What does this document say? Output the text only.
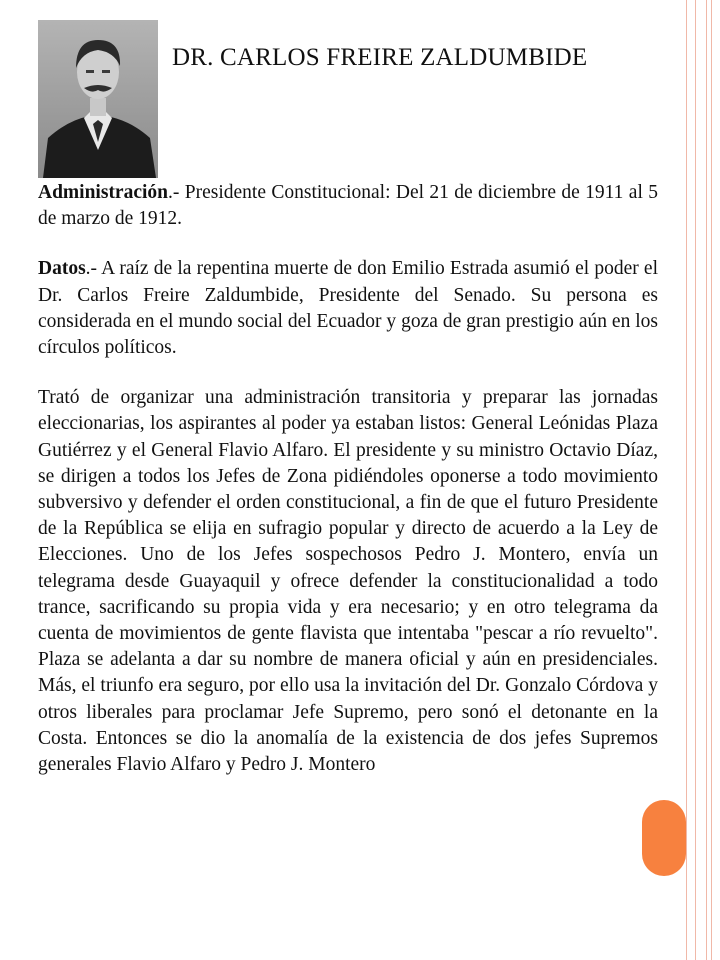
DR. CARLOS FREIRE ZALDUMBIDE

Administración.- Presidente Constitucional: Del 21 de diciembre de 1911 al 5 de marzo de 1912.

Datos.- A raíz de la repentina muerte de don Emilio Estrada asumió el poder el Dr. Carlos Freire Zaldumbide, Presidente del Senado. Su persona es considerada en el mundo social del Ecuador y goza de gran prestigio aún en los círculos políticos.

Trató de organizar una administración transitoria y preparar las jornadas eleccionarias, los aspirantes al poder ya estaban listos: General Leónidas Plaza Gutiérrez y el General Flavio Alfaro. El presidente y su ministro Octavio Díaz, se dirigen a todos los Jefes de Zona pidiéndoles oponerse a todo movimiento subversivo y defender el orden constitucional, a fin de que el futuro Presidente de la República se elija en sufragio popular y directo de acuerdo a la Ley de Elecciones. Uno de los Jefes sospechosos Pedro J. Montero, envía un telegrama desde Guayaquil y ofrece defender la constitucionalidad a todo trance, sacrificando su propia vida y era necesario; y en otro telegrama da cuenta de movimientos de gente flavista que intentaba "pescar a río revuelto". Plaza se adelanta a dar su nombre de manera oficial y aún en presidenciales. Más, el triunfo era seguro, por ello usa la invitación del Dr. Gonzalo Córdova y otros liberales para proclamar Jefe Supremo, pero sonó el detonante en la Costa. Entonces se dio la anomalía de la existencia de dos jefes Supremos generales Flavio Alfaro y Pedro J. Montero
